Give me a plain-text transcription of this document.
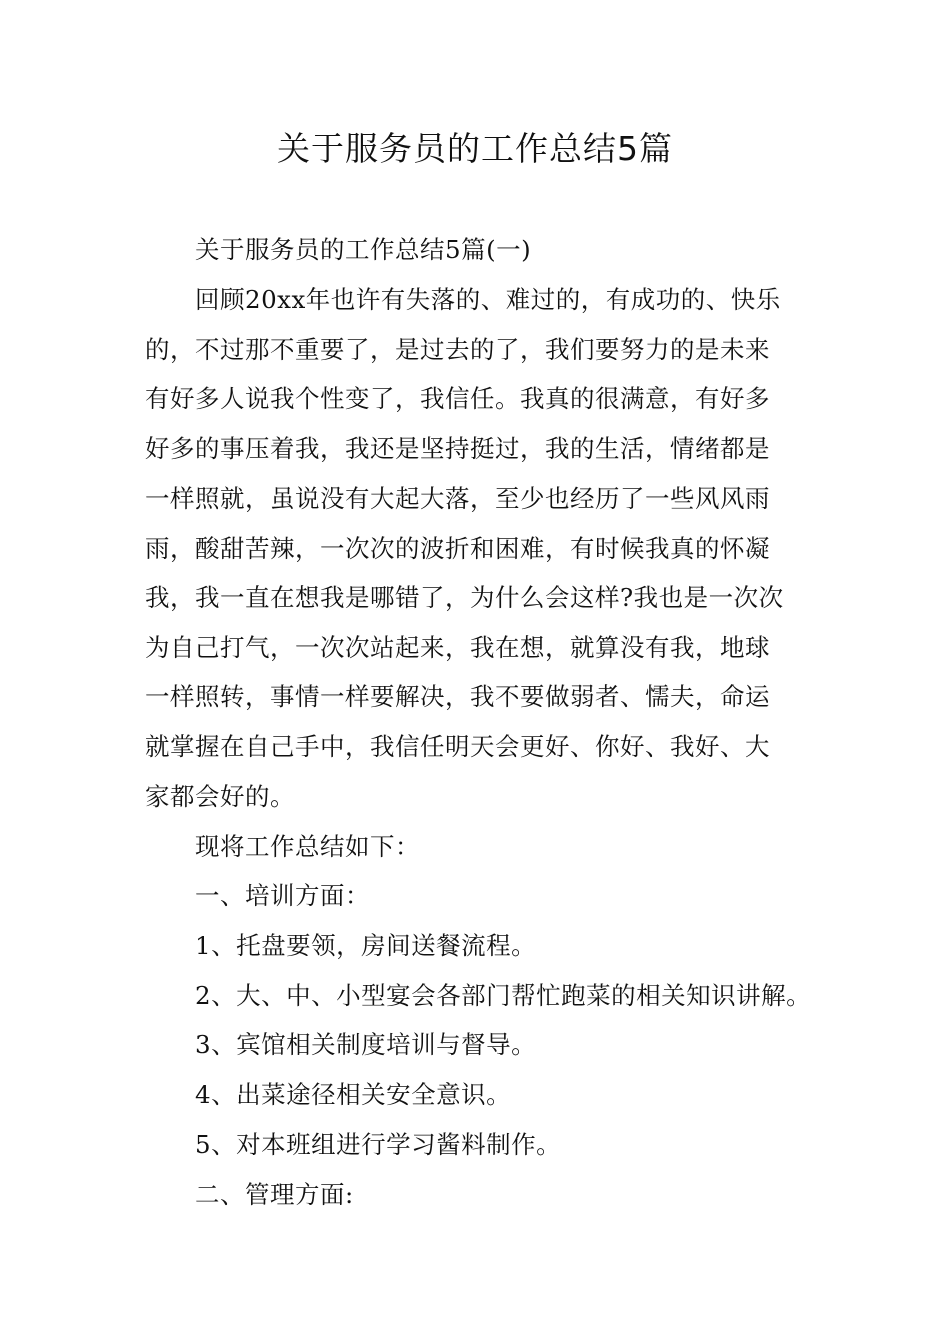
关于服务员的工作总结5篇
关于服务员的工作总结5篇(一)
回顾20xx年也许有失落的、难过的，有成功的、快乐
的，不过那不重要了，是过去的了，我们要努力的是未来
有好多人说我个性变了，我信任。我真的很满意，有好多
好多的事压着我，我还是坚持挺过，我的生活，情绪都是
一样照就，虽说没有大起大落，至少也经历了一些风风雨
雨，酸甜苦辣，一次次的波折和困难，有时候我真的怀凝
我，我一直在想我是哪错了，为什么会这样?我也是一次次
为自己打气，一次次站起来，我在想，就算没有我，地球
一样照转，事情一样要解决，我不要做弱者、懦夫，命运
就掌握在自己手中，我信任明天会更好、你好、我好、大
家都会好的。
现将工作总结如下：
一、培训方面：
1、托盘要领，房间送餐流程。
2、大、中、小型宴会各部门帮忙跑菜的相关知识讲解。
3、宾馆相关制度培训与督导。
4、出菜途径相关安全意识。
5、对本班组进行学习酱料制作。
二、管理方面:
